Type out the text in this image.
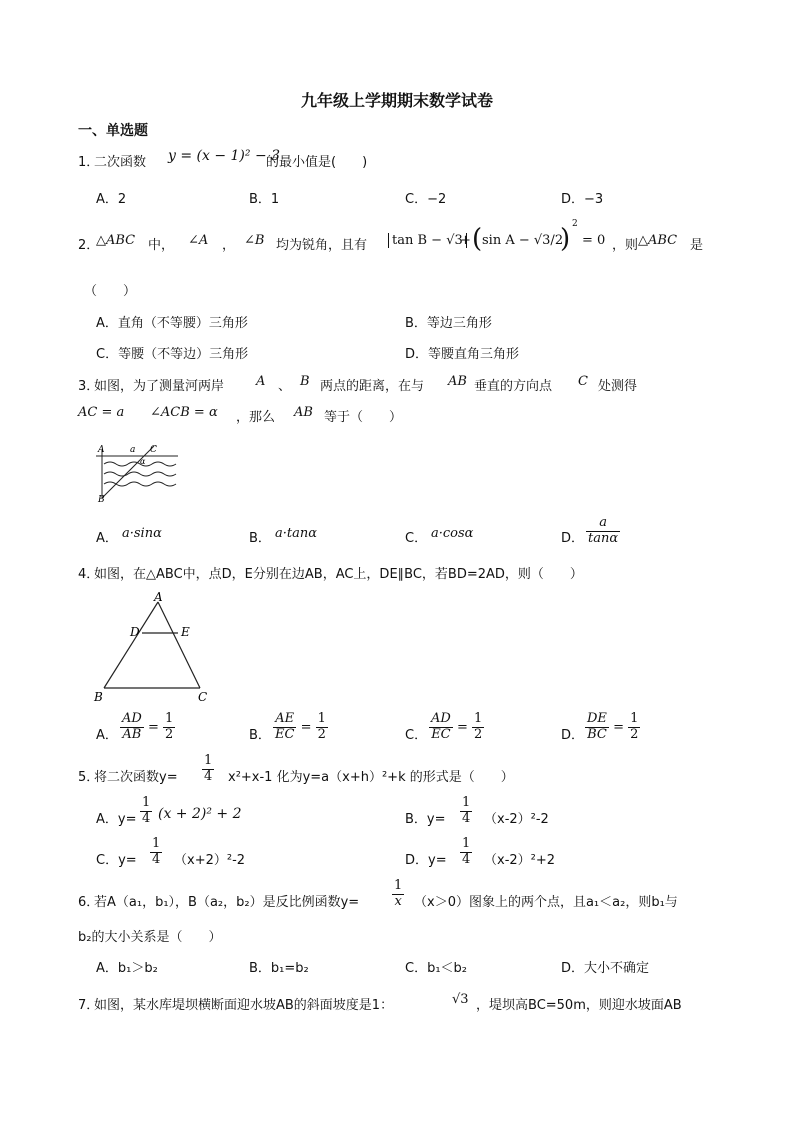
九年级上学期期末数学试卷
一、单选题
1．
二次函数 y = (x − 1)² − 3
的最小值是(　　)
A．2	B．1	C．−2	D．−3
2．
△ABC 中， ∠A ， ∠B 均为锐角，且有	tan B − √3
+ ( sin A − √3/2
) 2
= 0 ，则 △ABC 是
（　　）
A．直角（不等腰）三角形	B．等边三角形
C．等腰（不等边）三角形	D．等腰直角三角形
3．
如图，为了测量河两岸 A 、 B 两点的距离，在与 AB 垂直的方向点 C 处测得
AC = a ∠ACB = α ，那么 AB 等于（　　）
A	a C
α
B
A． a·sinα	B． a·tanα	C． a·cosα	D． $\frac{a}{\tan\alpha}$
4．
如图，在△ABC中，点D，E分别在边AB，AC上，DE∥BC，若BD=2AD，则（　　）
A
D	E
B	C
A． $\frac{AD}{AB} = \frac{1}{2}$	B． $\frac{AE}{EC} = \frac{1}{2}$	C． $\frac{AD}{EC} = \frac{1}{2}$	D． $\frac{DE}{BC} = \frac{1}{2}$
5．
将二次函数$y= \frac{1}{4} x^2+x-1$ 化为y=a（x+h）²+k 的形式是（　　）
A．$y= \frac{1}{4} (x + 2)^2 + 2$	B．$y= \frac{1}{4} (x-2)^2-2$
C．$y= \frac{1}{4} (x+2)^2-2$	D．$y= \frac{1}{4} (x-2)^2+2$
6．
若A（a₁，b₁），B（a₂，b₂）是反比例函数y=	$\frac{1}{x} (x>0)$图象上的两个点，且a₁＜a₂，则b₁与
b₂的大小关系是（　　）
A．b₁＞b₂	B．b₁=b₂	C．b₁＜b₂	D．大小不确定
7．
如图，某水库堤坝横断面迎水坡AB的斜面坡度是1：	√3 ，堤坝高BC=50m，则迎水坡面AB
